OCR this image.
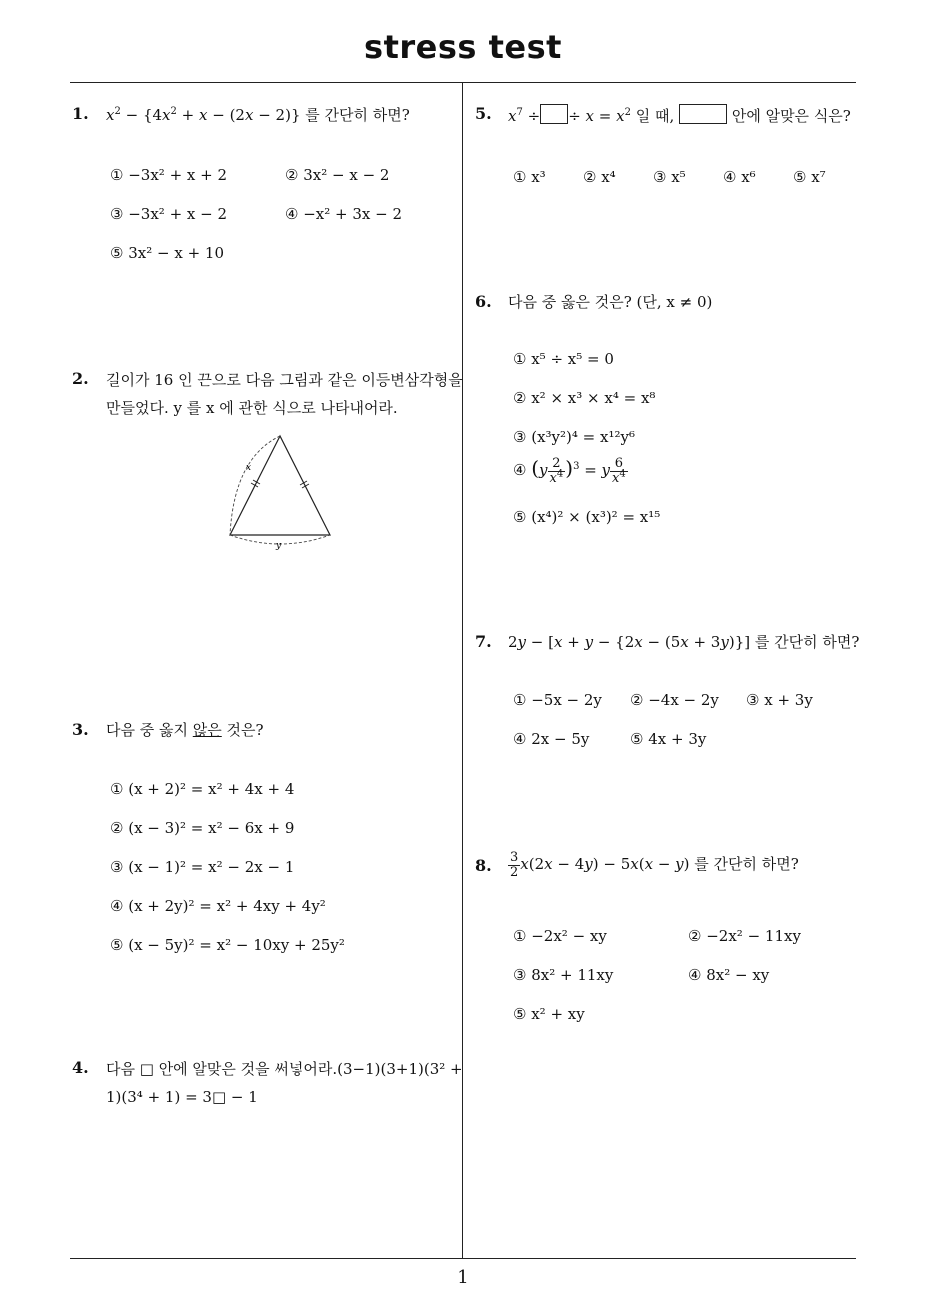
stress test
1
1. $x^2 - \{4x^2 + x - (2x - 2)\}$ 를 간단히 하면?
① −3x² + x + 2	② 3x² − x − 2
③ −3x² + x − 2	④ −x² + 3x − 2
⑤ 3x² − x + 10
2. 길이가 16 인 끈으로 다음 그림과 같은 이등변삼각형을
만들었다. y 를 x 에 관한 식으로 나타내어라.
x
y
3. 다음 중 옳지 않은 것은?
① (x + 2)² = x² + 4x + 4
② (x − 3)² = x² − 6x + 9
③ (x − 1)² = x² − 2x − 1
④ (x + 2y)² = x² + 4xy + 4y²
⑤ (x − 5y)² = x² − 10xy + 25y²
4. 다음 □ 안에 알맞은 것을 써넣어라.(3−1)(3+1)(3² +
1)(3⁴ + 1) = 3□ − 1
5. $x^7$ ÷ ÷ $x = x^2$ 일 때,	안에 알맞은 식은?
① x³ ② x⁴ ③ x⁵ ④ x⁶ ⑤ x⁷
6. 다음 중 옳은 것은? (단, x ≠ 0)
① x⁵ ÷ x⁵ = 0
② x² × x³ × x⁴ = x⁸
③ (x³y²)⁴ = x¹²y⁶
④ $(y \frac{2}{x^4} )^3 = y \frac{6}{x^4}$
⑤ (x⁴)² × (x³)² = x¹⁵
7. 2y − [x + y − {2x − (5x + 3y)}] 를 간단히 하면?
① −5x − 2y ② −4x − 2y ③ x + 3y
④ 2x − 5y	⑤ 4x + 3y
8. $\frac{3}{2} x(2x - 4y) - 5x(x - y)$ 를 간단히 하면?
① −2x² − xy	② −2x² − 11xy
③ 8x² + 11xy	④ 8x² − xy
⑤ x² + xy
